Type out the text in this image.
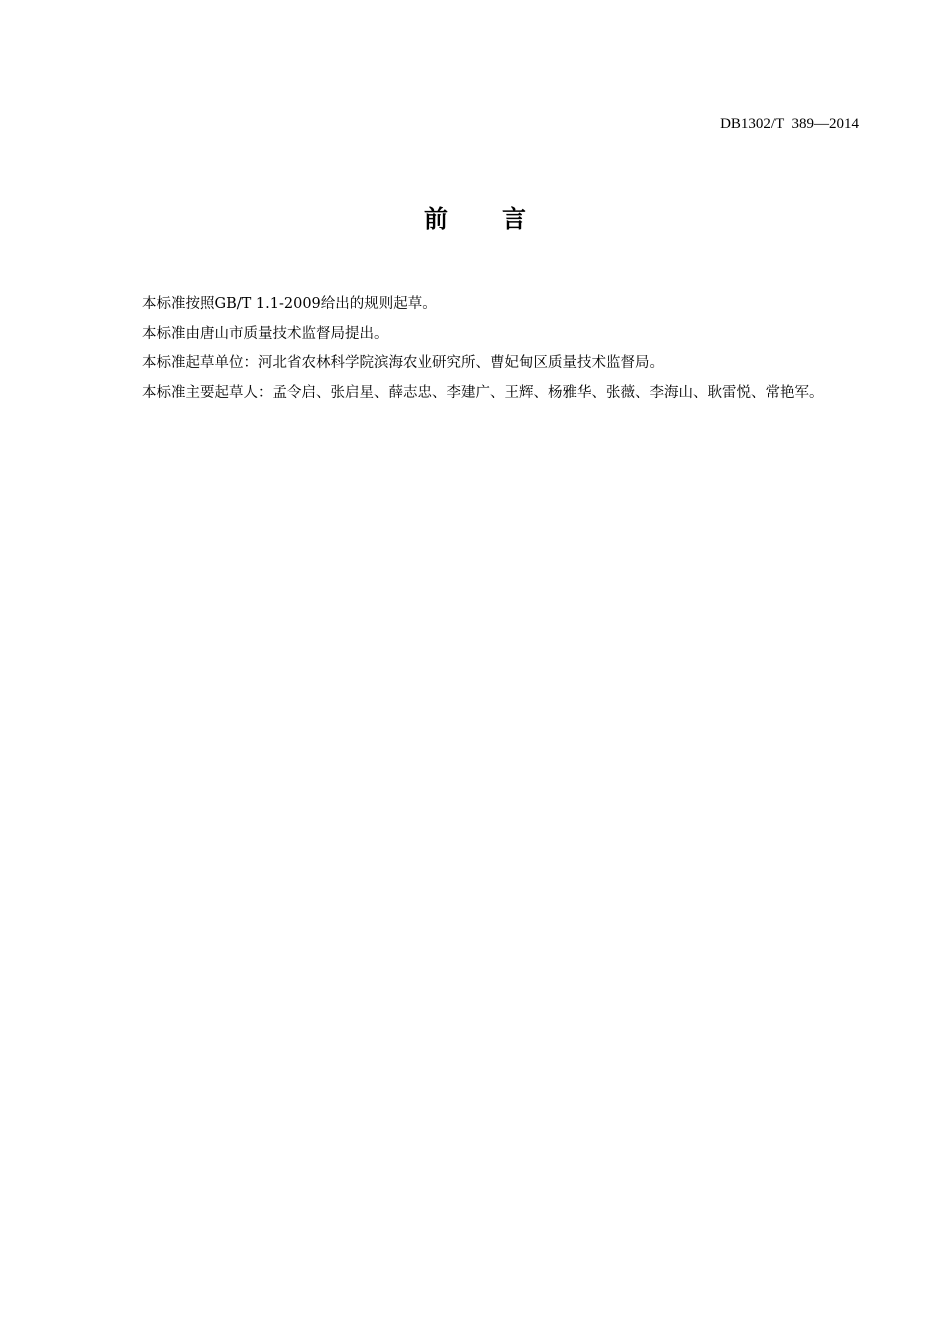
DB1302/T  389—2014
前 言

本标准按照GB/T 1.1-2009给出的规则起草。

本标准由唐山市质量技术监督局提出。

本标准起草单位：河北省农林科学院滨海农业研究所、曹妃甸区质量技术监督局。

本标准主要起草人：孟令启、张启星、薛志忠、李建广、王辉、杨雅华、张薇、李海山、耿雷悦、常艳军。
